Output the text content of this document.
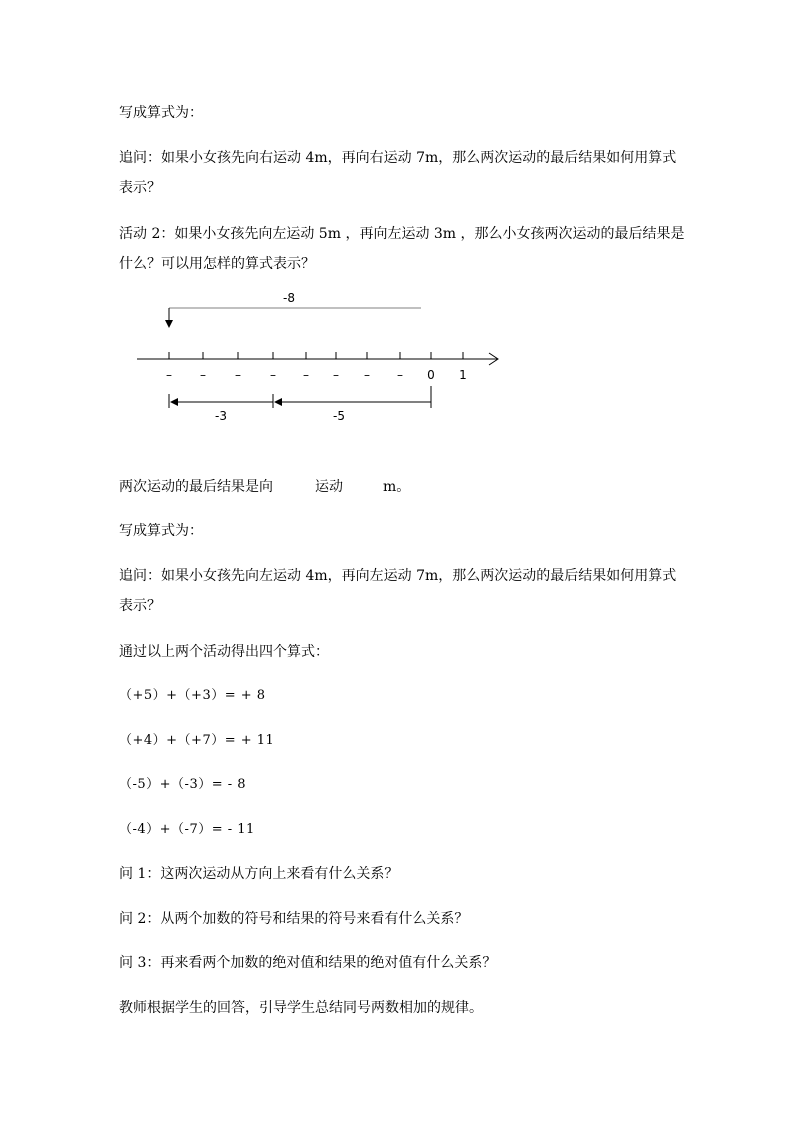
写成算式为：
追问：如果小女孩先向右运动 4m，再向右运动 7m，那么两次运动的最后结果如何用算式
表示？
活动 2：如果小女孩先向左运动 5m ，再向左运动 3m ，那么小女孩两次运动的最后结果是
什么？可以用怎样的算式表示？
-8
– – – – – – – – 0 1
-3	-5
两次运动的最后结果是向	运动	m。
写成算式为：
追问：如果小女孩先向左运动 4m，再向左运动 7m，那么两次运动的最后结果如何用算式
表示？
通过以上两个活动得出四个算式：
（+5）+（+3）= + 8
（+4）+（+7）= + 11
（-5）+（-3）= - 8
（-4）+（-7）= - 11
问 1：这两次运动从方向上来看有什么关系？
问 2：从两个加数的符号和结果的符号来看有什么关系？
问 3：再来看两个加数的绝对值和结果的绝对值有什么关系？
教师根据学生的回答，引导学生总结同号两数相加的规律。
